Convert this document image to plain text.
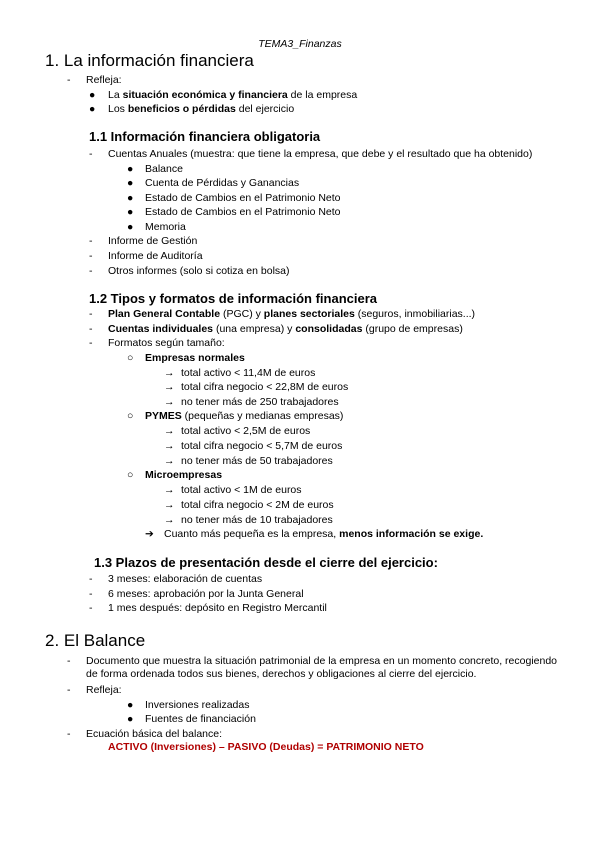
TEMA3_Finanzas
1. La información financiera
- Refleja:
● La situación económica y financiera de la empresa
● Los beneficios o pérdidas del ejercicio
1.1 Información financiera obligatoria
- Cuentas Anuales (muestra: que tiene la empresa, que debe y el resultado que ha obtenido)
● Balance
● Cuenta de Pérdidas y Ganancias
● Estado de Cambios en el Patrimonio Neto
● Estado de Cambios en el Patrimonio Neto
● Memoria
- Informe de Gestión
- Informe de Auditoría
- Otros informes (solo si cotiza en bolsa)
1.2 Tipos y formatos de información financiera
- Plan General Contable (PGC) y planes sectoriales (seguros, inmobiliarias...)
- Cuentas individuales (una empresa) y consolidadas (grupo de empresas)
- Formatos según tamaño:
○ Empresas normales
→ total activo < 11,4M de euros
→ total cifra negocio < 22,8M de euros
→ no tener más de 250 trabajadores
○ PYMES (pequeñas y medianas empresas)
→ total activo < 2,5M de euros
→ total cifra negocio < 5,7M de euros
→ no tener más de 50 trabajadores
○ Microempresas
→ total activo < 1M de euros
→ total cifra negocio < 2M de euros
→ no tener más de 10 trabajadores
➔ Cuanto más pequeña es la empresa, menos información se exige.
1.3 Plazos de presentación desde el cierre del ejercicio:
- 3 meses: elaboración de cuentas
- 6 meses: aprobación por la Junta General
- 1 mes después: depósito en Registro Mercantil
2. El Balance
- Documento que muestra la situación patrimonial de la empresa en un momento concreto, recogiendo de forma ordenada todos sus bienes, derechos y obligaciones al cierre del ejercicio.
- Refleja:
● Inversiones realizadas
● Fuentes de financiación
- Ecuación básica del balance:
ACTIVO (Inversiones) – PASIVO (Deudas) = PATRIMONIO NETO
